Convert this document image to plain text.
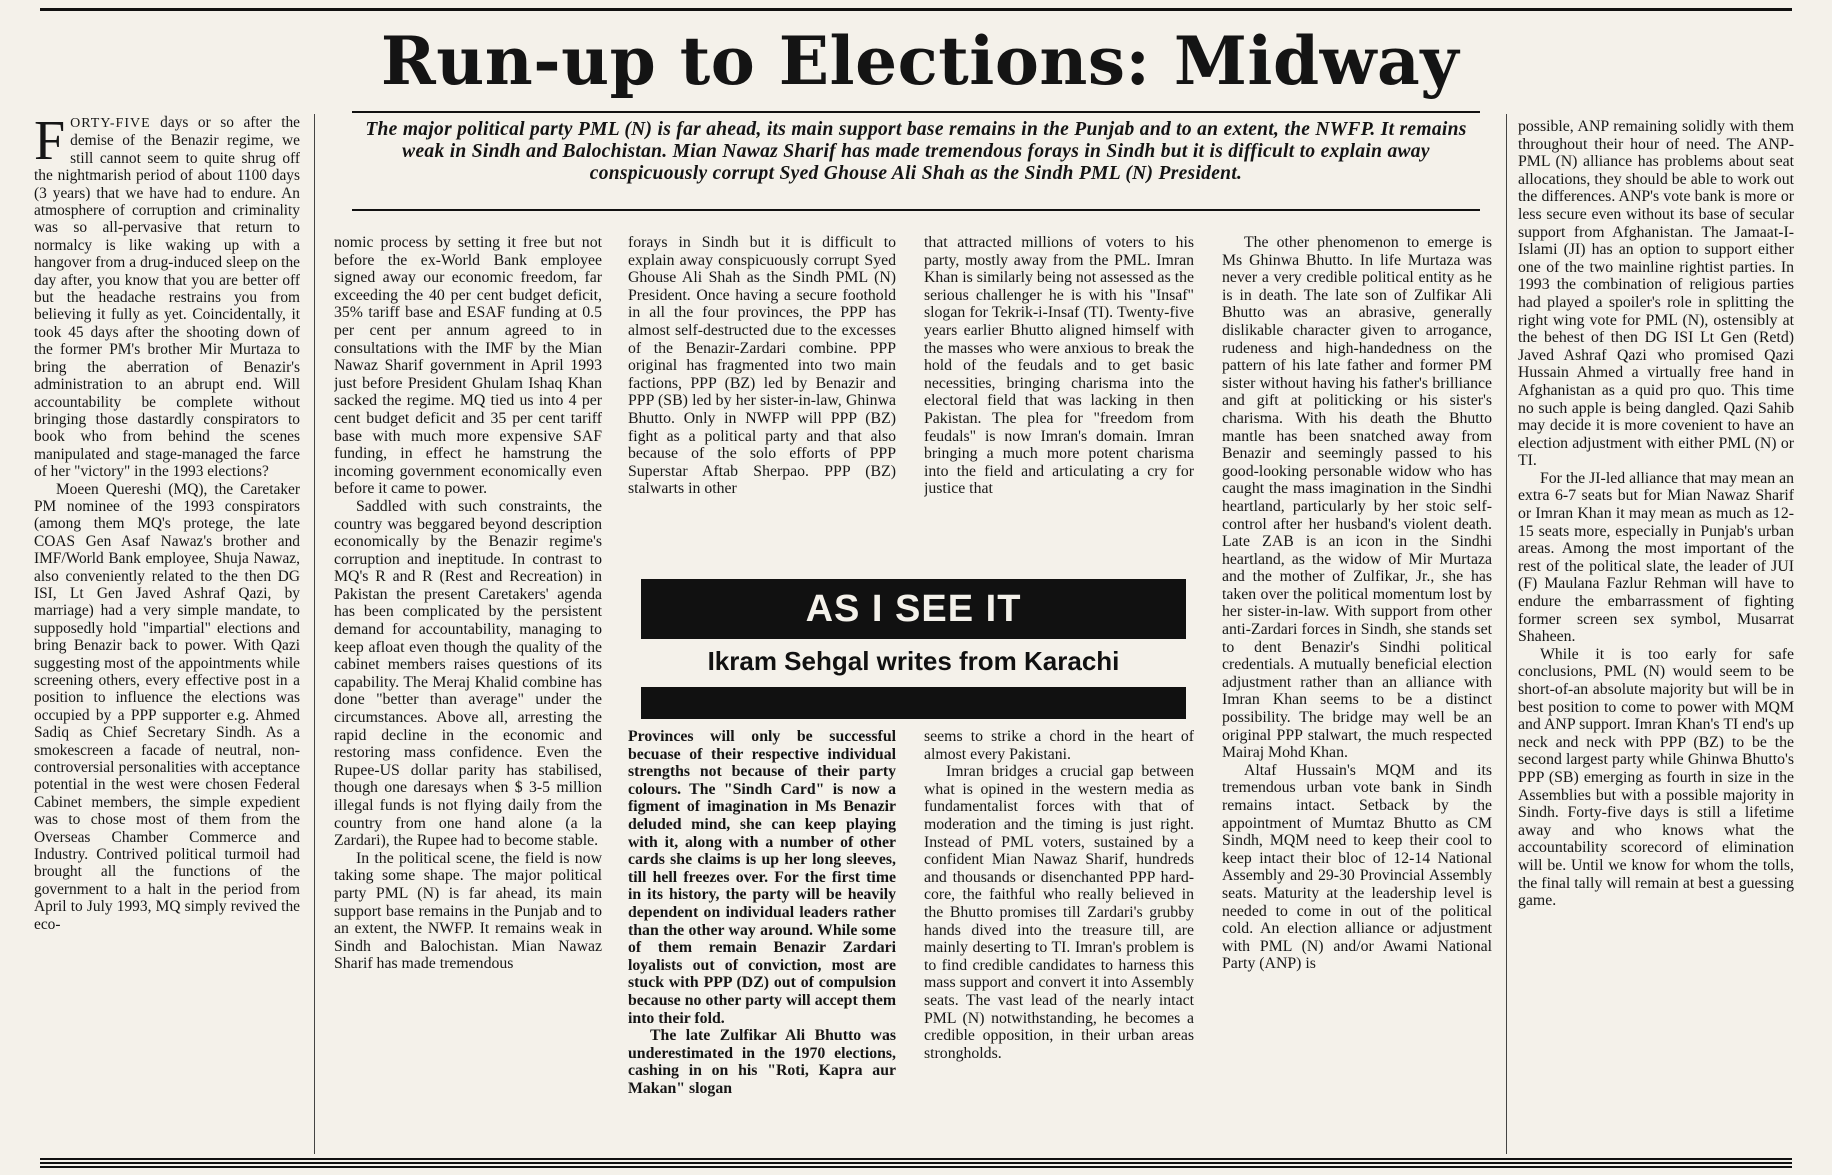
Run-up to Elections: Midway

The major political party PML (N) is far ahead, its main support base remains in the Punjab and to an extent, the NWFP. It remains weak in Sindh and Balochistan. Mian Nawaz Sharif has made tremendous forays in Sindh but it is difficult to explain away conspicuously corrupt Syed Ghouse Ali Shah as the Sindh PML (N) President.

FORTY-FIVE days or so after the demise of the Benazir regime, we still cannot seem to quite shrug off the nightmarish period of about 1100 days (3 years) that we have had to endure. An atmosphere of corruption and criminality was so all-pervasive that return to normalcy is like waking up with a hangover from a drug-induced sleep on the day after, you know that you are better off but the headache restrains you from believing it fully as yet. Coincidentally, it took 45 days after the shooting down of the former PM's brother Mir Murtaza to bring the aberration of Benazir's administration to an abrupt end. Will accountability be complete without bringing those dastardly conspirators to book who from behind the scenes manipulated and stage-managed the farce of her "victory" in the 1993 elections?
Moeen Quereshi (MQ), the Caretaker PM nominee of the 1993 conspirators (among them MQ's protege, the late COAS Gen Asaf Nawaz's brother and IMF/World Bank employee, Shuja Nawaz, also conveniently related to the then DG ISI, Lt Gen Javed Ashraf Qazi, by marriage) had a very simple mandate, to supposedly hold "impartial" elections and bring Benazir back to power. With Qazi suggesting most of the appointments while screening others, every effective post in a position to influence the elections was occupied by a PPP supporter e.g. Ahmed Sadiq as Chief Secretary Sindh. As a smokescreen a facade of neutral, non-controversial personalities with acceptance potential in the west were chosen Federal Cabinet members, the simple expedient was to chose most of them from the Overseas Chamber Commerce and Industry. Contrived political turmoil had brought all the functions of the government to a halt in the period from April to July 1993, MQ simply revived the eco-
nomic process by setting it free but not before the ex-World Bank employee signed away our economic freedom, far exceeding the 40 per cent budget deficit, 35% tariff base and ESAF funding at 0.5 per cent per annum agreed to in consultations with the IMF by the Mian Nawaz Sharif government in April 1993 just before President Ghulam Ishaq Khan sacked the regime. MQ tied us into 4 per cent budget deficit and 35 per cent tariff base with much more expensive SAF funding, in effect he hamstrung the incoming government economically even before it came to power.
Saddled with such constraints, the country was beggared beyond description economically by the Benazir regime's corruption and ineptitude. In contrast to MQ's R and R (Rest and Recreation) in Pakistan the present Caretakers' agenda has been complicated by the persistent demand for accountability, managing to keep afloat even though the quality of the cabinet members raises questions of its capability. The Meraj Khalid combine has done "better than average" under the circumstances. Above all, arresting the rapid decline in the economic and restoring mass confidence. Even the Rupee-US dollar parity has stabilised, though one daresays when $ 3-5 million illegal funds is not flying daily from the country from one hand alone (a la Zardari), the Rupee had to become stable.
In the political scene, the field is now taking some shape. The major political party PML (N) is far ahead, its main support base remains in the Punjab and to an extent, the NWFP. It remains weak in Sindh and Balochistan. Mian Nawaz Sharif has made tremendous
forays in Sindh but it is difficult to explain away conspicuously corrupt Syed Ghouse Ali Shah as the Sindh PML (N) President. Once having a secure foothold in all the four provinces, the PPP has almost self-destructed due to the excesses of the Benazir-Zardari combine. PPP original has fragmented into two main factions, PPP (BZ) led by Benazir and PPP (SB) led by her sister-in-law, Ghinwa Bhutto. Only in NWFP will PPP (BZ) fight as a political party and that also because of the solo efforts of PPP Superstar Aftab Sherpao. PPP (BZ) stalwarts in other
Provinces will only be successful becuase of their respective individual strengths not because of their party colours. The "Sindh Card" is now a figment of imagination in Ms Benazir deluded mind, she can keep playing with it, along with a number of other cards she claims is up her long sleeves, till hell freezes over. For the first time in its history, the party will be heavily dependent on individual leaders rather than the other way around. While some of them remain Benazir Zardari loyalists out of conviction, most are stuck with PPP (DZ) out of compulsion because no other party will accept them into their fold.
The late Zulfikar Ali Bhutto was underestimated in the 1970 elections, cashing in on his "Roti, Kapra aur Makan" slogan
that attracted millions of voters to his party, mostly away from the PML. Imran Khan is similarly being not assessed as the serious challenger he is with his "Insaf" slogan for Tekrik-i-Insaf (TI). Twenty-five years earlier Bhutto aligned himself with the masses who were anxious to break the hold of the feudals and to get basic necessities, bringing charisma into the electoral field that was lacking in then Pakistan. The plea for "freedom from feudals" is now Imran's domain. Imran bringing a much more potent charisma into the field and articulating a cry for justice that
seems to strike a chord in the heart of almost every Pakistani.
Imran bridges a crucial gap between what is opined in the western media as fundamentalist forces with that of moderation and the timing is just right. Instead of PML voters, sustained by a confident Mian Nawaz Sharif, hundreds and thousands or disenchanted PPP hard-core, the faithful who really believed in the Bhutto promises till Zardari's grubby hands dived into the treasure till, are mainly deserting to TI. Imran's problem is to find credible candidates to harness this mass support and convert it into Assembly seats. The vast lead of the nearly intact PML (N) notwithstanding, he becomes a credible opposition, in their urban areas strongholds.
AS I SEE IT
Ikram Sehgal writes from Karachi
The other phenomenon to emerge is Ms Ghinwa Bhutto. In life Murtaza was never a very credible political entity as he is in death. The late son of Zulfikar Ali Bhutto was an abrasive, generally dislikable character given to arrogance, rudeness and high-handedness on the pattern of his late father and former PM sister without having his father's brilliance and gift at politicking or his sister's charisma. With his death the Bhutto mantle has been snatched away from Benazir and seemingly passed to his good-looking personable widow who has caught the mass imagination in the Sindhi heartland, particularly by her stoic self-control after her husband's violent death. Late ZAB is an icon in the Sindhi heartland, as the widow of Mir Murtaza and the mother of Zulfikar, Jr., she has taken over the political momentum lost by her sister-in-law. With support from other anti-Zardari forces in Sindh, she stands set to dent Benazir's Sindhi political credentials. A mutually beneficial election adjustment rather than an alliance with Imran Khan seems to be a distinct possibility. The bridge may well be an original PPP stalwart, the much respected Mairaj Mohd Khan.
Altaf Hussain's MQM and its tremendous urban vote bank in Sindh remains intact. Setback by the appointment of Mumtaz Bhutto as CM Sindh, MQM need to keep their cool to keep intact their bloc of 12-14 National Assembly and 29-30 Provincial Assembly seats. Maturity at the leadership level is needed to come in out of the political cold. An election alliance or adjustment with PML (N) and/or Awami National Party (ANP) is
possible, ANP remaining solidly with them throughout their hour of need. The ANP-PML (N) alliance has problems about seat allocations, they should be able to work out the differences. ANP's vote bank is more or less secure even without its base of secular support from Afghanistan. The Jamaat-I-Islami (JI) has an option to support either one of the two mainline rightist parties. In 1993 the combination of religious parties had played a spoiler's role in splitting the right wing vote for PML (N), ostensibly at the behest of then DG ISI Lt Gen (Retd) Javed Ashraf Qazi who promised Qazi Hussain Ahmed a virtually free hand in Afghanistan as a quid pro quo. This time no such apple is being dangled. Qazi Sahib may decide it is more covenient to have an election adjustment with either PML (N) or TI.
For the JI-led alliance that may mean an extra 6-7 seats but for Mian Nawaz Sharif or Imran Khan it may mean as much as 12-15 seats more, especially in Punjab's urban areas. Among the most important of the rest of the political slate, the leader of JUI (F) Maulana Fazlur Rehman will have to endure the embarrassment of fighting former screen sex symbol, Musarrat Shaheen.
While it is too early for safe conclusions, PML (N) would seem to be short-of-an absolute majority but will be in best position to come to power with MQM and ANP support. Imran Khan's TI end's up neck and neck with PPP (BZ) to be the second largest party while Ghinwa Bhutto's PPP (SB) emerging as fourth in size in the Assemblies but with a possible majority in Sindh. Forty-five days is still a lifetime away and who knows what the accountability scorecord of elimination will be. Until we know for whom the tolls, the final tally will remain at best a guessing game.
